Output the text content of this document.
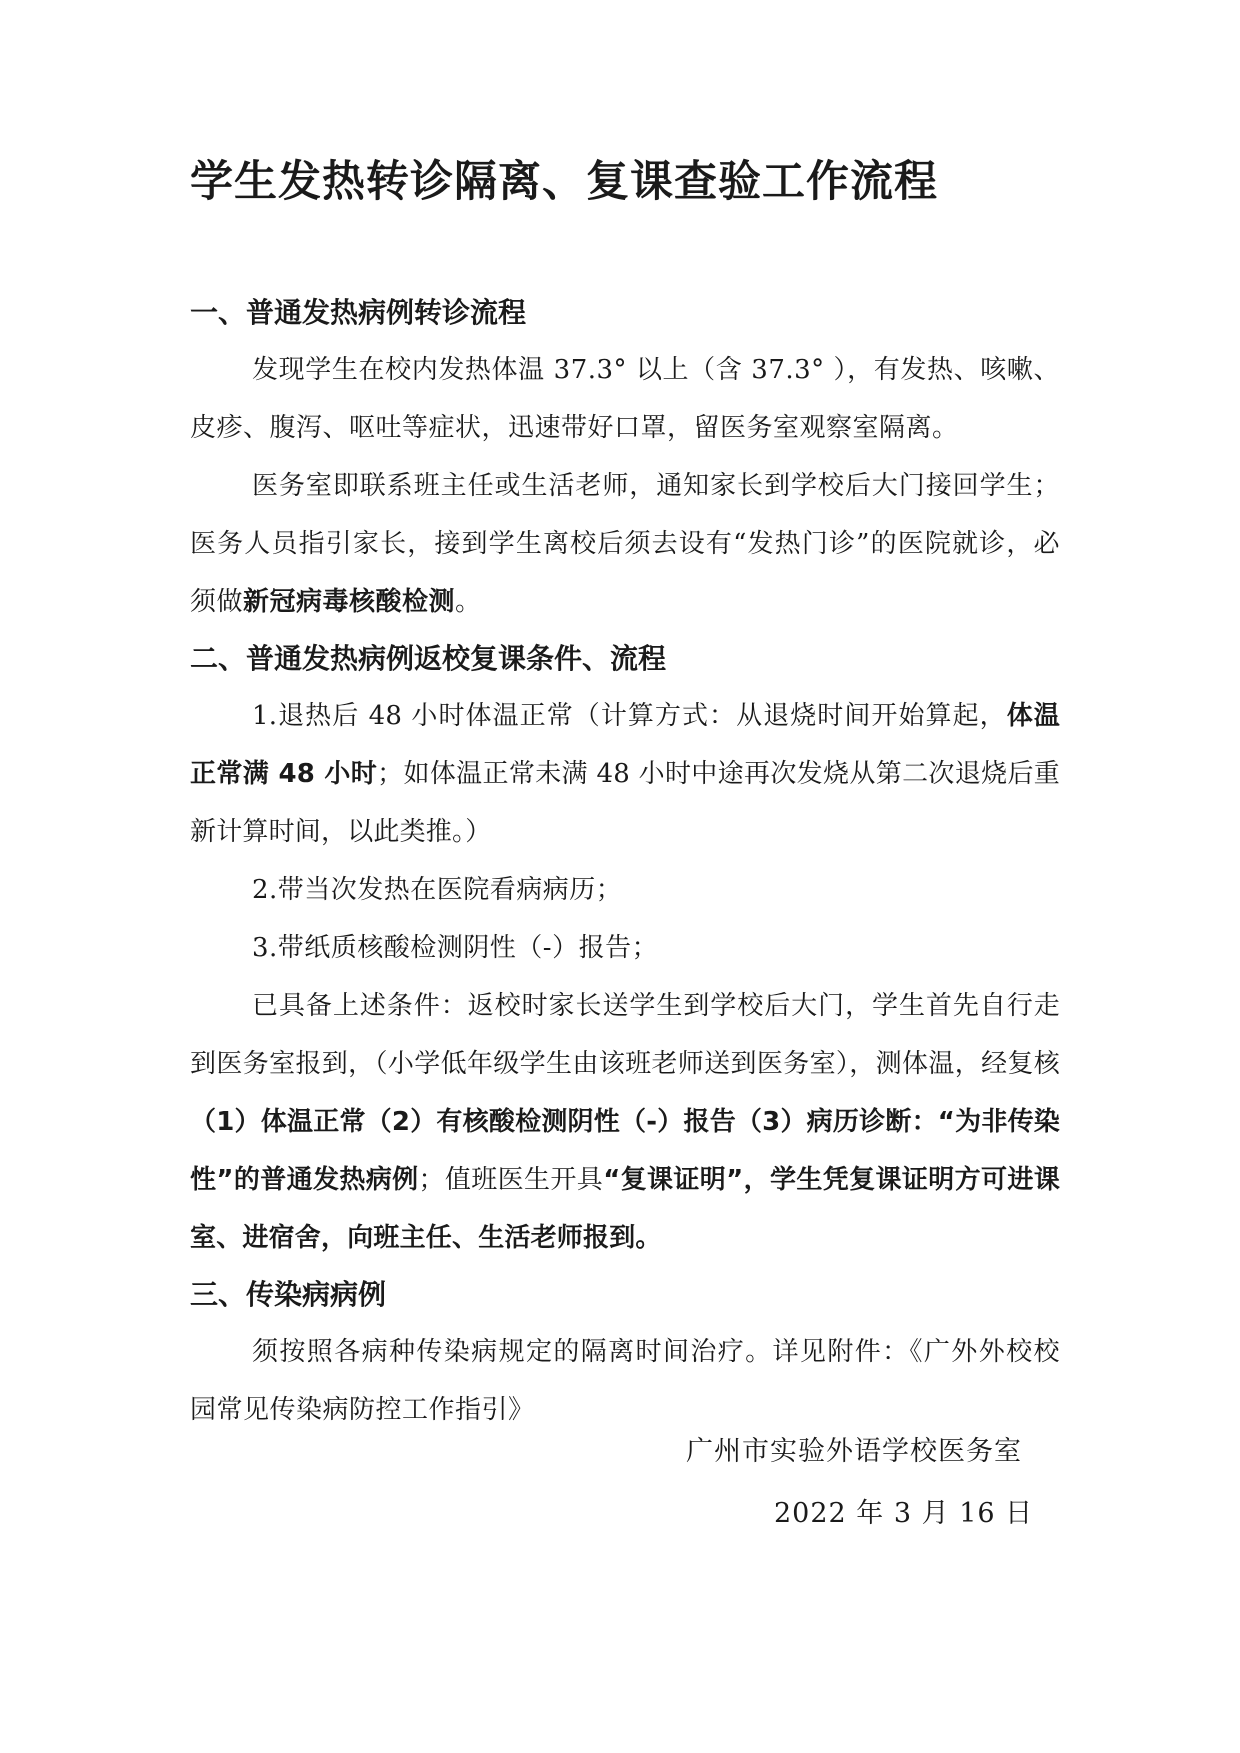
学生发热转诊隔离、复课查验工作流程

一、普通发热病例转诊流程

发现学生在校内发热体温 37.3° 以上（含 37.3° ），有发热、咳嗽、皮疹、腹泻、呕吐等症状，迅速带好口罩，留医务室观察室隔离。

医务室即联系班主任或生活老师，通知家长到学校后大门接回学生；医务人员指引家长，接到学生离校后须去设有“发热门诊”的医院就诊，必须做新冠病毒核酸检测。

二、普通发热病例返校复课条件、流程

1.退热后 48 小时体温正常（计算方式：从退烧时间开始算起，体温正常满 48 小时；如体温正常未满 48 小时中途再次发烧从第二次退烧后重新计算时间，以此类推。）

2.带当次发热在医院看病病历；

3.带纸质核酸检测阴性（-）报告；

已具备上述条件：返校时家长送学生到学校后大门，学生首先自行走到医务室报到，（小学低年级学生由该班老师送到医务室），测体温，经复核（1）体温正常（2）有核酸检测阴性（-）报告（3）病历诊断：“为非传染性”的普通发热病例；值班医生开具“复课证明”，学生凭复课证明方可进课室、进宿舍，向班主任、生活老师报到。

三、传染病病例

须按照各病种传染病规定的隔离时间治疗。详见附件：《广外外校校园常见传染病防控工作指引》

广州市实验外语学校医务室
2022 年 3 月 16 日
